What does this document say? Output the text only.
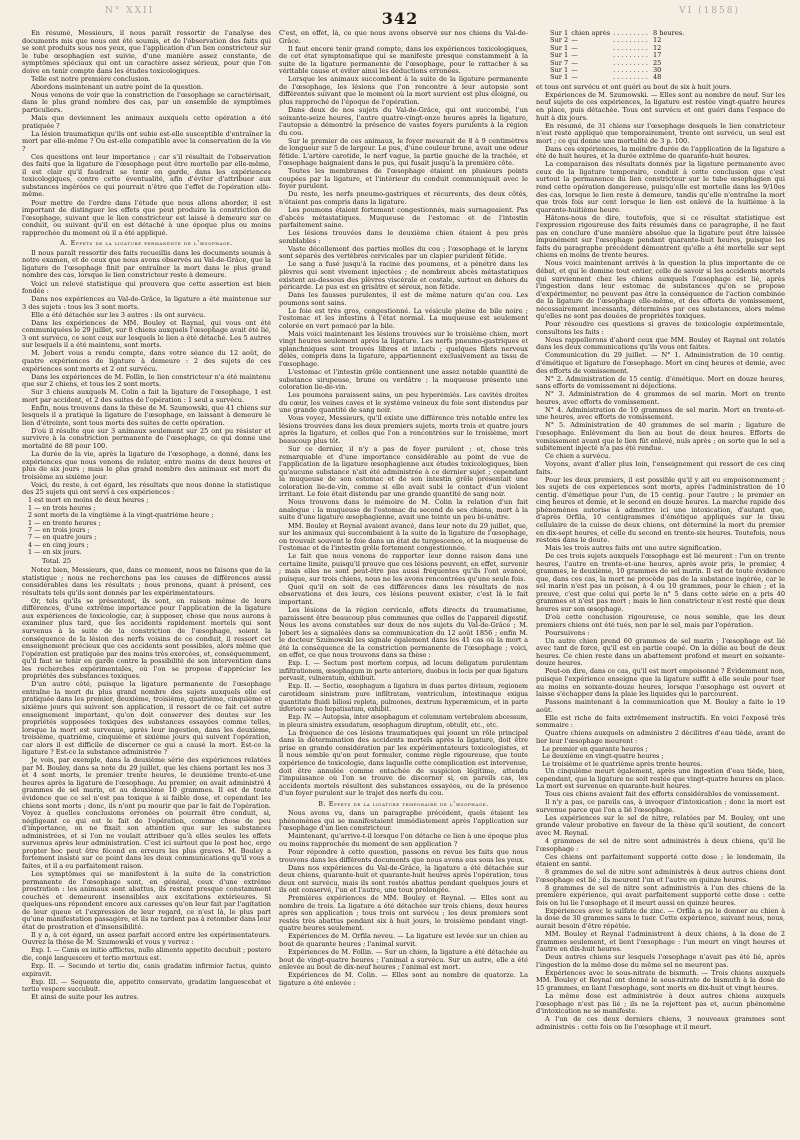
N° XXII	342	VI (1858)

En résumé, Messieurs, il nous paraît ressortir de l'analyse des documents mis que nous ont été soumis, et de l'observation des faits qui se sont produits sous nos yeux, que l'application d'un lien constricteur sur le tube œsophagien est suivie, d'une manière assez constante, de symptômes spéciaux qui ont un caractère assez sérieux, pour que l'on doive en tenir compte dans les études toxicologiques.

Telle est notre première conclusion.

Abordons maintenant un autre point de la question.

Nous venons de voir que la constriction de l'œsophage se caractérisait, dans le plus grand nombre des cas, par un ensemble de symptômes particuliers.

Mais que deviennent les animaux auxquels cette opération a été pratiquée ?

La lésion traumatique qu'ils ont subie est-elle susceptible d'entraîner la mort par elle-même ? Ou est-elle compatible avec la conservation de la vie ?

Ces questions ont leur importance ; car s'il résultait de l'observation des faits que la ligature de l'œsophage peut être mortelle par elle-même, il est clair qu'il faudrait se tenir en garde, dans les expériences toxicologiques, contre cette éventualité, afin d'éviter d'attribuer aux substances ingérées ce qui pourrait n'être que l'effet de l'opération elle-même.

Pour mettre de l'ordre dans l'étude que nous allons aborder, il est important de distinguer les effets que peut produire la constriction de l'œsophage, suivant que le lien constricteur est laissé à demeure sur ce conduit, ou suivant qu'il en est détaché à une époque plus ou moins rapprochée du moment où il a été appliqué.

A. Effets de la ligature permanente de l'œsophage.

Il nous paraît ressortir des faits recueillis dans les documents soumis à notre examen, et de ceux que nous avons observés au Val-de-Grâce, que la ligature de l'œsophage finit par entraîner la mort dans le plus grand nombre des cas, lorsque le lien constricteur reste à demeure.

Voici un relevé statistique qui prouvera que cette assertion est bien fondée :

Dans nos expériences au Val-de-Grâce, la ligature a été maintenue sur 3 des sujets : tous les 3 sont morts.

Elle a été détachée sur les 3 autres : ils ont survécu.

Dans les expériences de MM. Bouley et Raynal, qui vous ont été communiquées le 29 juillet, sur 8 chiens auxquels l'œsophage avait été lié, 3 ont survécu, ce sont ceux sur lesquels le lien a été détaché. Les 5 autres sur lesquels il a été maintenu, sont morts.

M. Jobert vous a rendu compte, dans votre séance du 12 août, de quatre expériences de ligature à demeure : 2 des sujets de ces expériences sont morts et 2 ont survécu.

Dans les expériences de M. Follin, le lien constricteur n'a été maintenu que sur 2 chiens, et tous les 2 sont morts.

Sur 3 chiens auxquels M. Colin a fait la ligature de l'œsophage, 1 est mort par accident, et 2 des suites de l'opération : 1 seul a survécu.

Enfin, nous trouvons dans la thèse de M. Szumowski, que 41 chiens sur lesquels il a pratiqué la ligature de l'œsophage, en laissant à demeure le lien d'étreinte, sont tous morts des suites de cette opération.

D'où il résulte que sur 3 animaux seulement sur 25 ont pu résister et survivre à la constriction permanente de l'œsophage, ce qui donne une mortalité de 88 pour 100.

La durée de la vie, après la ligature de l'œsophage, a donné, dans les expériences que nous venons de relater, entre moins de deux heures et plus de six jours ; mais le plus grand nombre des animaux est mort du troisième au sixième jour.

Voici, du reste, à cet égard, les résultats que nous donne la statistique des 25 sujets qui ont servi à ces expériences :

1 est mort en moins de deux heures ;
1 — en trois heures ;
2 sont morts de la vingtième à la vingt-quatrième heure ;
1 — en trente heures ;
7 — en trois jours ;
7 — en quatre jours ;
4 — en cinq jours ;
1 — en six jours.
Total. 25

Notez bien, Messieurs, que, dans ce moment, nous ne faisons que de la statistique ; nous ne recherchons pas les causes de différences aussi considérables dans les résultats ; nous prenons, quant à présent, ces résultats tels qu'ils sont donnés par les expérimentateurs.

Or, tels qu'ils se présentent, ils sont, en raison même de leurs différences, d'une extrême importance pour l'application de la ligature aux expériences de toxicologie, car, à supposer, chose que nous aurons à examiner plus tard, que les accidents rapidement mortels qui sont survenus à la suite de la constriction de l'œsophage, soient la conséquence de la lésion des nerfs voisins de ce conduit, il ressort cet enseignement précieux que ces accidents sont possibles, alors même que l'opération est pratiquée par des mains très exercées, et, conséquemment, qu'il faut se tenir en garde contre la possibilité de son intervention dans les recherches expérimentales, où l'on se propose d'apprécier les propriétés des substances toxiques.

D'un autre côté, puisque la ligature permanente de l'œsophage entraîne la mort du plus grand nombre des sujets auxquels elle est pratiquée dans les premier, deuxième, troisième, quatrième, cinquième et sixième jours qui suivent son application, il ressort de ce fait cet autre enseignement important, qu'on doit conserver des doutes sur les propriétés supposées toxiques des substances essayées comme telles, lorsque la mort est survenue, après leur ingestion, dans les deuxième, troisième, quatrième, cinquième et sixième jours qui suivent l'opération, car alors il est difficile de discerner ce qui a causé la mort. Est-ce la ligature ? Est-ce la substance administrée ?

Je vois, par exemple, dans la deuxième série des expériences relatées par M. Bouley, dans sa note du 29 juillet, que les chiens portant les nos 3 et 4 sont morts, le premier trente heures, le deuxième trente-et-une heures après la ligature de l'œsophage. Au premier, on avait administré 4 grammes de sel marin, et au deuxième 10 grammes. Il est de toute évidence que ce sel n'est pas toxique à si faible dose, et cependant les chiens sont morts ; donc, ils n'ont pu mourir que par le fait de l'opération. Voyez à quelles conclusions erronées on pourrait être conduit, si, négligeant ce qui est le fait de l'opération, comme chose de peu d'importance, on ne fixait son attention que sur les substances administrées, et si l'on ne voulait attribuer qu'à elles seules les effets survenus après leur administration. C'est ici surtout que le post hoc, ergo propter hoc peut être fécond en erreurs les plus graves. M. Bouley a fortement insisté sur ce point dans les deux communications qu'il vous a faites, et il a eu parfaitement raison.

Les symptômes qui se manifestent à la suite de la constriction permanente de l'œsophage sont, en général, ceux d'une extrême prostration : les animaux sont abattus, ils restent presque constamment couchés et demeurent insensibles aux excitations extérieures. Si quelques-uns répondent encore aux caresses qu'on leur fait par l'agitation de leur queue et l'expression de leur regard, ce n'est là, le plus part qu'une manifestation passagère, et ils ne tardent pas à retomber dans leur état de prostration et d'insensibilité.

Il y a, à cet égard, un assez parfait accord entre les expérimentateurs. Ouvrez la thèse de M. Szumowski et vous y verrez :

Exp. I. — Canis ex initio afflictus, nullo alimento appetito decubuit ; postero die, conjè languescere et tertio mortuus est.

Exp. II. — Secundo et tertio die, canis gradatim infirmior factus, quinto expiravit.

Exp. III. — Sequente die, appetito conservato, gradatim languescebat et tertio vespere succubuit.

Et ainsi de suite pour les autres.

C'est, en effet, là, ce que nous avons observé sur nos chiens du Val-de-Grâce.

Il faut encore tenir grand compte, dans les expériences toxicologiques, de cet état symptomatique qui se manifeste presque constamment à la suite de la ligature permanente de l'œsophage, pour le rattacher à sa véritable cause et éviter ainsi les déductions erronées.

Lorsque les animaux succombent à la suite de la ligature permanente de l'œsophage, les lésions que l'on rencontre à leur autopsie sont différentes suivant que le moment où la mort survient est plus éloigné, ou plus rapproché de l'époque de l'opération.

Dans deux de nos sujets du Val-de-Grâce, qui ont succombé, l'un soixante-seize heures, l'autre quatre-vingt-onze heures après la ligature, l'autopsie a démontré la présence de vastes foyers purulents à la région du cou.

Sur le premier de ces animaux, le foyer mesurait de 8 à 9 centimètres de longueur sur 5 de largeur. Le pus, d'une couleur brune, avait une odeur fétide. L'artère carotide, le nerf vague, la partie gauche de la trachée, et l'œsophage baignaient dans le pus, qui fusait jusqu'à la première côte.

Toutes les membranes de l'œsophage étaient en plusieurs points coupées par la ligature, et l'intérieur du conduit communiquait avec le foyer purulent.

Du reste, les nerfs pneumo-gastriques et récurrents, des deux côtés, n'étaient pas compris dans la ligature.

Les poumons étaient fortement congestionnés, mais surnageaient. Pas d'abcès métastatiques. Muqueuse de l'estomac et de l'intestin parfaitement saine.

Les lésions trouvées dans le deuxième chien étaient à peu près semblables :

Vaste décollement des parties molles du cou ; l'œsophage et le larynx sont séparés des vertèbres cervicales par un clapier purulent fétide.

Le sang a fusé jusqu'à la racine des poumons, et a pénétré dans les plèvres qui sont vivement injectées ; de nombreux abcès métastatiques existent au-dessous des plèvres viscérale et costale, surtout en dehors du péricarde. Le pus est en grisâtre et séreux, non fétide.

Dans les fausses purulentes, il est de même nature qu'au cou. Les poumons sont sains.

Le foie est très gros, congestionné. La vésicule pleine de bile noire ; l'estomac et les intestins à l'état normal. La muqueuse est seulement colorée en vert pomacé par la bile.

Mais voici maintenant les lésions trouvées sur le troisième chien, mort vingt heures seulement après la ligature. Les nerfs pneumo-gastriques et splanchniques sont trouvés libres et intacts ; quelques filets nerveux délés, compris dans la ligature, appartiennent exclusivement au tissu de l'œsophage.

L'estomac et l'intestin grêle contiennent une assez notable quantité de substance sirupeuse, brune ou verdâtre ; la muqueuse présente une coloration lie-de-vin.

Les poumons paraissent sains, un peu hyperémiés. Les cavités droites du cœur, les veines caves et le système veineux du foie sont distendus par une grande quantité de sang noir.

Vous voyez, Messieurs, qu'il existe une différence très notable entre les lésions trouvées dans les deux premiers sujets, morts trois et quatre jours après la ligature, et celles que l'on a rencontrées sur le troisième, mort beaucoup plus tôt.

Sur ce dernier, il n'y a pas de foyer purulent ; et, chose très remarquable et d'une importance considérable au point de vue de l'application de la ligature œsophagienne aux études toxicologiques, bien qu'aucune substance n'ait été administrée à ce dernier sujet ; cependant la muqueuse de son estomac et de son intestin grêle présentait une coloration lie-de-vin, comme si elle avait subi le contact d'un violent irritant. Le foie était distendu par une grande quantité de sang noir.

Nous trouvons dans le mémoire de M. Colin la relation d'un fait analogue : la muqueuse de l'estomac du second de ses chiens, mort à la suite d'une ligature œsophagienne, avait une teinte un peu bi-unâtre.

MM. Bouley et Reynal avaient avancé, dans leur note du 29 juillet, que, sur les animaux qui succombaient à la suite de la ligature de l'œsophage, on trouvait souvent le foie dans un état de turgescence, et la muqueuse de l'estomac et de l'intestin grêle fortement congestionnée.

Le fait que nous venons de rapporter leur donne raison dans une certaine limite, puisqu'il prouve que ces lésions peuvent, en effet, survenir ; mais elles ne sont peut-être pas aussi fréquentes qu'ils l'ont avancé, puisque, sur trois chiens, nous ne les avons rencontrées qu'une seule fois.

Quoi qu'il en soit de ces différences dans les résultats de nos observations et des leurs, ces lésions peuvent exister, c'est là le fait important.

Les lésions de la région cervicale, effets directs du traumatisme, paraissent être beaucoup plus communes que celles de l'appareil digestif. Nous les avons constatées sur deux de nos sujets du Val-de-Grâce ; M. Jobert les a signalées dans sa communication du 12 août 1856 ; enfin M. le docteur Szumowski les signale également dans les 41 cas où la mort a été la conséquence de la constriction permanente de l'œsophage ; voici, en effet, ce que nous trouvons dans sa thèse :

Exp. I. — Sectum post mortem corpus, ad locum deligatum purulentam infiltrationem, œsophagum in parte anteriore, duobus in locis per quæ ligatura pervasit, vulneratum, exhibuit.

Exp. II. — Sectio, œsophagum a ligatura in duas partes divisum, regionem carotideam sinistram pure infiltratam, ventriculum, intestinaque exigua quantitate fluidi biliosi repleta, pulmones, dextrum hyperæmicum, et in parte inferiore sano hepatisatum, exhibit.

Exp. IV. — Autopsia, inter œsophagum et columnam vertebralem abcessum, in pleura sinistra exsudatum, œsophagum diruptum, obtulit, etc., etc.

La fréquence de ces lésions traumatiques qui jouent un rôle principal dans la détermination des accidents mortels après la ligature, doit être prise en grande considération par les expérimentateurs toxicologistes, et il nous semble qu'on peut formuler, comme règle rigoureuse, que toute expérience de toxicologie, dans laquelle cette complication est intervenue, doit être annulée comme entachée de suspicion légitime, attendu l'impuissance où l'on se trouve de discerner si, en pareils cas, les accidents mortels résultent des substances essayées, ou de la présence d'un foyer purulent sur le trajet des nerfs du cou.

B. Effets de la ligature temporaire de l'œsophage.

Nous avons vu, dans un paragraphe précédent, quels étaient les phénomènes qui se manifestaient immédiatement après l'application sur l'œsophage d'un lien constricteur.

Maintenant, qu'arrive-t-il lorsque l'on détache ce lien à une époque plus ou moins rapprochée du moment de son application ?

Pour répondre à cette question, passons en revue les faits que nous trouvons dans les différents documents que nous avons eus sous les yeux.

Dans nos expériences du Val-de-Grâce, la ligature a été détachée sur deux chiens, quarante-huit et quarante-huit heures après l'opération, tous deux ont survécu, mais ils sont restés abattus pendant quelques jours et ils ont conservé, l'un et l'autre, une toux prolongée.

Premières expériences de MM. Bouley et Reynal. — Elles sont au nombre de trois. La ligature a été détachée sur trois chiens, deux heures après son application ; tous trois ont survécu ; les deux premiers sont restés très abattus pendant six à huit jours, le troisième pendant vingt-quatre heures seulement.

Expériences de M. Orfila neveu. — La ligature est levée sur un chien au bout de quarante heures ; l'animal survit.

Expériences de M. Follin. — Sur un chien, la ligature a été détachée au bout de vingt-quatre heures ; l'animal a survécu. Sur un autre, elle a été enlevée au bout de dix-neuf heures ; l'animal est mort.

Expériences de M. Colin. — Elles sont au nombre de quatorze. La ligature a été enlevée :

Sur 1	chien après	.........	8 heures.
Sur 2	—	.........	12
Sur 1	—	.........	12
Sur 1	—	.........	17
Sur 7	—	.........	25
Sur 1	—	.........	30
Sur 1	—	.........	48

et tous ont survécu et ont guéri au bout de six à huit jours.

Expériences de M. Szumowski. — Elles sont au nombre de neuf. Sur les neuf sujets de ces expériences, la ligature est restée vingt-quatre heures en place, puis détachée. Tous ont survécu et ont guéri dans l'espace de huit à dix jours.

En résumé, de 31 chiens sur l'œsophage desquels le lien constricteur n'est resté appliqué que temporairement, trente ont survécu, un seul est mort ; ce qui donne une mortalité de 3 p. 100.

Dans ces expériences, la moindre durée de l'application de la ligature a été de huit heures, et la durée extrême de quarante-huit heures.

La comparaison des résultats donnés par la ligature permanente avec ceux de la ligature temporaire, conduit à cette conclusion que c'est surtout la permanence du lien constricteur sur le tube œsophagien qui rend cette opération dangereuse, puisqu'elle est mortelle dans les 9/10es des cas, lorsque le lien reste à demeure, tandis qu'elle n'entraîne la mort que trois fois sur cent lorsque le lien est enlevé de la huitième à la quarante-huitième heure.

Hâtons-nous de dire, toutefois, que si ce résultat statistique est l'expression rigoureuse des faits résumés dans ce paragraphe, il ne faut pas en conclure d'une manière absolue que la ligature peut être laissée impunément sur l'œsophage pendant quarante-huit heures, puisque les faits du paragraphe précédent démontrent qu'elle a été mortelle sur sept chiens en moins de trente heures.

Nous voici maintenant arrivés à la question la plus importante de ce débat, et qui le domine tout entier, celle de savoir si les accidents mortels qui surviennent chez les chiens auxquels l'œsophage est lié, après l'ingestion dans leur estomac de substances qu'on se propose d'expérimenter, ne peuvent pas être la conséquence de l'action combinée de la ligature de l'œsophage elle-même, et des efforts de vomissement, nécessairement incessants, déterminés par ces substances, alors même qu'elles ne sont pas douées de propriétés toxiques.

Pour résoudre ces questions si graves de toxicologie expérimentale, consultons les faits :

Nous rappellerons d'abord ceux que MM. Bouley et Raynal ont relatés dans les deux communications qu'ils vous ont faites.

Communication du 29 juillet. — N° 1. Administration de 10 centig. d'émétique et ligature de l'œsophage. Mort en cinq heures et demie, avec des efforts de vomissement.

N° 2. Administration de 15 centig. d'émétique. Mort en douze heures, sans efforts de vomissement ni déjections.

N° 3. Administration de 4 grammes de sel marin. Mort en trente heures, avec efforts de vomissement.

N° 4. Administration de 10 grammes de sel marin. Mort en trente-et-une heures, avec efforts de vomissement.

N° 5. Administration de 40 grammes de sel marin ; ligature de l'œsophage. Enlèvement du lien au bout de deux heures. Efforts de vomissement avant que le lien fût enlevé, nuls après ; on sorte que le sel a subitement injecté n'a pas été rendue.

Ce chien a survécu.

Voyons, avant d'aller plus loin, l'enseignement qui ressort de ces cinq faits.

Pour les deux premiers, il est possible qu'il y ait eu empoisonnement ; les sujets de ces expériences sont morts, après l'administration de 10 centig. d'émétique pour l'un, de 15 centig. pour l'autre ; le premier en cinq heures et demie, et le second en douze heures. La marche rapide des phénomènes autorise à admettre ici une intoxication, d'autant que, d'après Orfila, 10 centigrammes d'émétique appliqués sur le tissu cellulaire de la cuisse de deux chiens, ont déterminé la mort du premier en dix-sept heures, et celle du second en trente-six heures. Toutefois, nous restons dans le doute.

Mais les trois autres faits ont une autre signification.

De ces trois sujets auxquels l'œsophage est lié meurent : l'un en trente heures, l'autre en trente-et-une heures, après avoir pris, le premier, 4 grammes, le deuxième, 10 grammes de sel marin. Il est de toute évidence que, dans ces cas, la mort ne procède pas de la substance ingérée, car le sel marin n'est pas un poison, à 4 ou 10 grammes, pour le chien ; et la preuve, c'est que celui qui porte le n° 5 dans cette série en a pris 40 grammes et n'est pas mort ; mais le lien constricteur n'est resté que deux heures sur son œsophage.

D'où cette conclusion rigoureuse, ce nous semble, que les deux premiers chiens ont été tués, non par le sel, mais par l'opération.

Poursuivons :

Un autre chien prend 60 grammes de sel marin ; l'œsophage est lié avec tant de force, qu'il est en partie coupé. On la délie au bout de deux heures. Ce chien reste dans un abattement profond et meurt en soixante-douze heures.

Peut-on dire, dans ce cas, qu'il est mort empoisonné ? Évidemment non, puisque l'expérience enseigne que la ligature suffit à elle seule pour tuer au moins en soixante-douze heures, lorsque l'œsophage est ouvert et laisse s'échapper dans la plaie les liquides qui le parcourent.

Passons maintenant à la communication que M. Bouley a faite le 19 août.

Elle est riche de faits extrêmement instructifs. En voici l'exposé très sommaire :

Quatre chiens auxquels on administre 2 décilitres d'eau tiède, avant de lier leur l'œsophage meurent :

Le premier en quarante heures ;
Le deuxième en vingt-quatre heures ;
Le troisième et le quatrième après trente heures.

Un cinquième meurt également, après une ingestion d'eau tiède, bien, cependant, que la ligature ne soit restée que vingt-quatre heures en place. La mort est survenue en quarante-huit heures.

Tous ces chiens avaient fait des efforts considérables de vomissement.

Il n'y a pas, ce pareils cas, à invoquer d'intoxication ; donc la mort est survenue parce que l'on a lié l'œsophage.

Les expériences sur le sel de nitre, relatées par M. Bouley, ont une grande valeur probative en faveur de la thèse qu'il soutient, de concert avec M. Reynal.

4 grammes de sel de nitre sont administrés à deux chiens, qu'il lie l'œsophage :

Ces chiens ont parfaitement supporté cette dose ; le lendemain, ils étaient en santé.

8 grammes de sel de nitre sont administrés à deux autres chiens dont l'œsophage est lié ; ils meurent l'un et l'autre en quinze heures.

8 grammes de sel de nitre sont administrés à l'un des chiens de la première expérience, qui avait parfaitement supporté cette dose : cette fois on lui lie l'œsophage et il meurt aussi en quinze heures.

Expériences avec le sulfate de zinc. — Orfila a pu le donner au chien à la dose de 30 grammes sans le tuer. Cette expérience, suivant nous, nous, aurait besoin d'être répétée.

MM. Bouley et Reynal l'administrent à deux chiens, à la dose de 2 grammes seulement, et lient l'œsophage : l'un meurt en vingt heures et l'autre en dix-huit heures.

Deux autres chiens sur lesquels l'œsophage n'avait pas été lié, après l'ingestion de la même dose du même sel ne meurent pas.

Expériences avec le sous-nitrate de bismuth. — Trois chiens auxquels MM. Bouley et Reynal ont donné le sous-nitrate de bismuth à la dose de 15 grammes, en liant l'œsophage, sont morts en dix-huit et vingt heures.

La même dose est administrée à deux autres chiens auxquels l'œsophage n'est pas lié ; ils ne la rejettent pas et, aucun phénomène d'intoxication ne se manifeste.

A l'un de ces deux derniers chiens, 3 nouveaux grammes sont administrés : cette fois on lie l'œsophage et il meurt.
